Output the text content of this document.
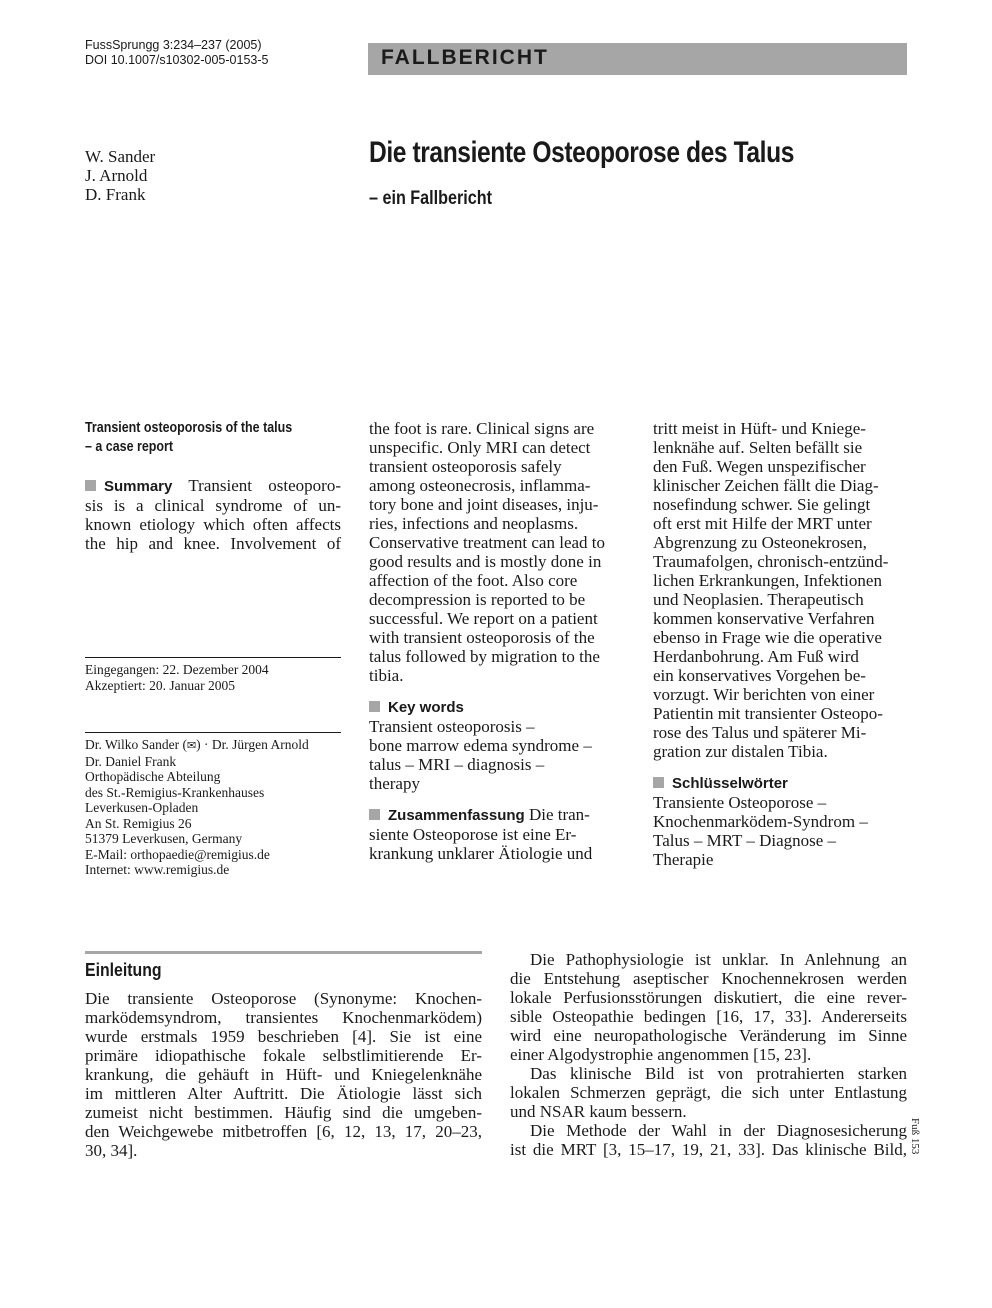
FussSprungg 3:234–237 (2005)
DOI 10.1007/s10302-005-0153-5	FALLBERICHT
W. Sander
J. Arnold
D. Frank
Die transiente Osteoporose des Talus
– ein Fallbericht
Transient osteoporosis of the talus
– a case report
Summary Transient osteoporo-
sis is a clinical syndrome of un-
known etiology which often affects
the hip and knee. Involvement of
Eingegangen: 22. Dezember 2004
Akzeptiert: 20. Januar 2005
Dr. Wilko Sander (✉) · Dr. Jürgen Arnold
Dr. Daniel Frank
Orthopädische Abteilung
des St.-Remigius-Krankenhauses
Leverkusen-Opladen
An St. Remigius 26
51379 Leverkusen, Germany
E-Mail: orthopaedie@remigius.de
Internet: www.remigius.de
the foot is rare. Clinical signs are
unspecific. Only MRI can detect
transient osteoporosis safely
among osteonecrosis, inflamma-
tory bone and joint diseases, inju-
ries, infections and neoplasms.
Conservative treatment can lead to
good results and is mostly done in
affection of the foot. Also core
decompression is reported to be
successful. We report on a patient
with transient osteoporosis of the
talus followed by migration to the
tibia.
Key words
Transient osteoporosis –
bone marrow edema syndrome –
talus – MRI – diagnosis –
therapy
Zusammenfassung Die tran-
siente Osteoporose ist eine Er-
krankung unklarer Ätiologie und
tritt meist in Hüft- und Kniege-
lenknähe auf. Selten befällt sie
den Fuß. Wegen unspezifischer
klinischer Zeichen fällt die Diag-
nosefindung schwer. Sie gelingt
oft erst mit Hilfe der MRT unter
Abgrenzung zu Osteonekrosen,
Traumafolgen, chronisch-entzünd-
lichen Erkrankungen, Infektionen
und Neoplasien. Therapeutisch
kommen konservative Verfahren
ebenso in Frage wie die operative
Herdanbohrung. Am Fuß wird
ein konservatives Vorgehen be-
vorzugt. Wir berichten von einer
Patientin mit transienter Osteopo-
rose des Talus und späterer Mi-
gration zur distalen Tibia.
Schlüsselwörter
Transiente Osteoporose –
Knochenmarködem-Syndrom –
Talus – MRT – Diagnose –
Therapie
Einleitung
Die transiente Osteoporose (Synonyme: Knochen-
marködemsyndrom, transientes Knochenmarködem)
wurde erstmals 1959 beschrieben [4]. Sie ist eine
primäre idiopathische fokale selbstlimitierende Er-
krankung, die gehäuft in Hüft- und Kniegelenknähe
im mittleren Alter Auftritt. Die Ätiologie lässt sich
zumeist nicht bestimmen. Häufig sind die umgeben-
den Weichgewebe mitbetroffen [6, 12, 13, 17, 20–23,
30, 34].
Die Pathophysiologie ist unklar. In Anlehnung an
die Entstehung aseptischer Knochennekrosen werden
lokale Perfusionsstörungen diskutiert, die eine rever-
sible Osteopathie bedingen [16, 17, 33]. Andererseits
wird eine neuropathologische Veränderung im Sinne
einer Algodystrophie angenommen [15, 23].
Das klinische Bild ist von protrahierten starken
lokalen Schmerzen geprägt, die sich unter Entlastung
und NSAR kaum bessern.
Die Methode der Wahl in der Diagnosesicherung
ist die MRT [3, 15–17, 19, 21, 33]. Das klinische Bild, Fuß 153
